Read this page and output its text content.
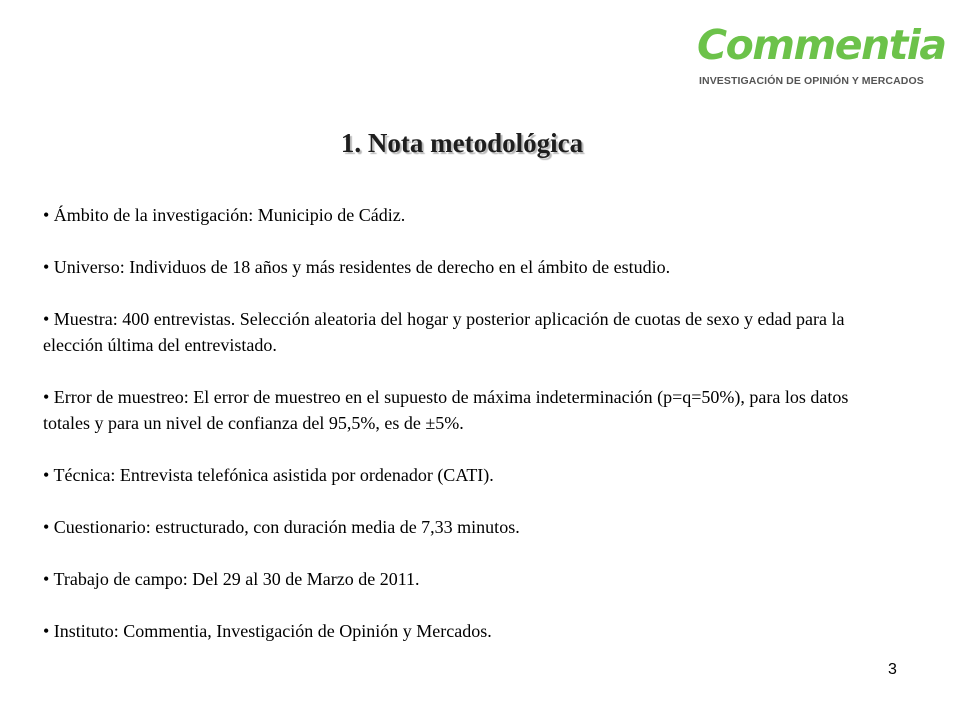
Commentia
INVESTIGACIÓN DE OPINIÓN Y MERCADOS
1. Nota metodológica

• Ámbito de la investigación: Municipio de Cádiz.

• Universo: Individuos de 18 años y más residentes de derecho en el ámbito de estudio.

• Muestra: 400 entrevistas. Selección aleatoria del hogar y posterior aplicación de cuotas de sexo y edad para la elección última del entrevistado.

• Error de muestreo: El error de muestreo en el supuesto de máxima indeterminación (p=q=50%), para los datos totales y para un nivel de confianza del 95,5%, es de ±5%.

• Técnica: Entrevista telefónica asistida por ordenador (CATI).

• Cuestionario: estructurado, con duración media de 7,33 minutos.

• Trabajo de campo: Del 29 al 30 de Marzo de 2011.

• Instituto: Commentia, Investigación de Opinión y Mercados.

3
